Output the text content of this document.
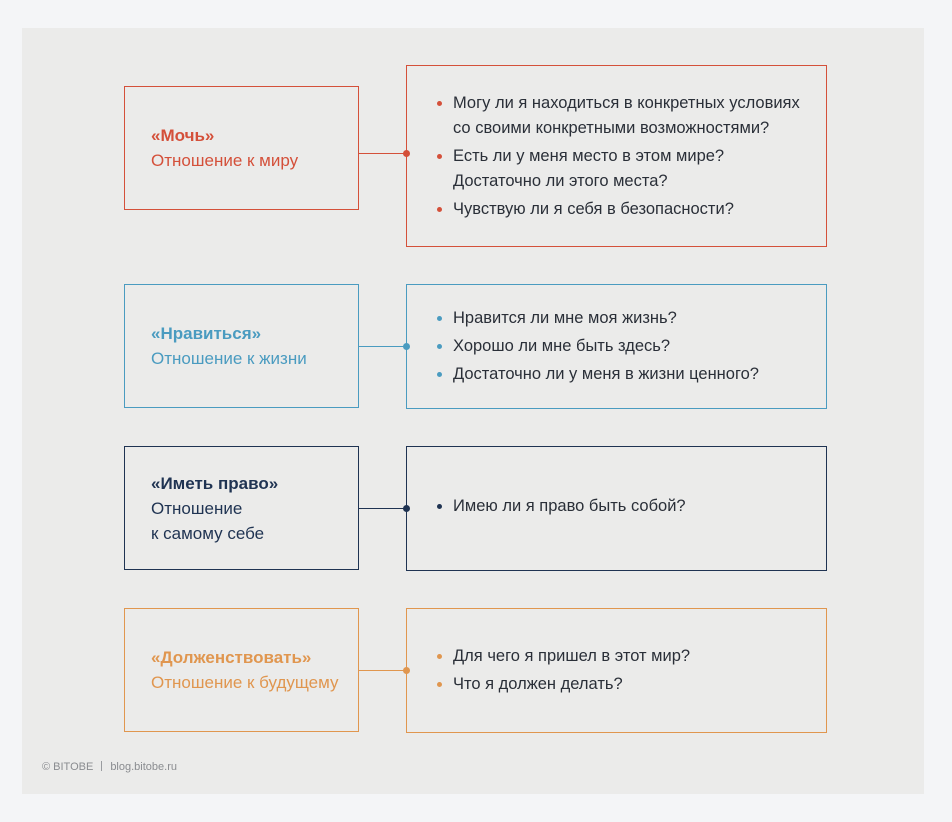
«Мочь»
Отношение к миру
Могу ли я находиться в конкретных условиях со своими конкретными возможностями?
Есть ли у меня место в этом мире? Достаточно ли этого места?
Чувствую ли я себя в безопасности?
«Нравиться»
Отношение к жизни
Нравится ли мне моя жизнь?
Хорошо ли мне быть здесь?
Достаточно ли у меня в жизни ценного?
«Иметь право»
Отношение
к самому себе
Имею ли я право быть собой?
«Долженствовать»
Отношение к будущему
Для чего я пришел в этот мир?
Что я должен делать?
© BITOBE blog.bitobe.ru
